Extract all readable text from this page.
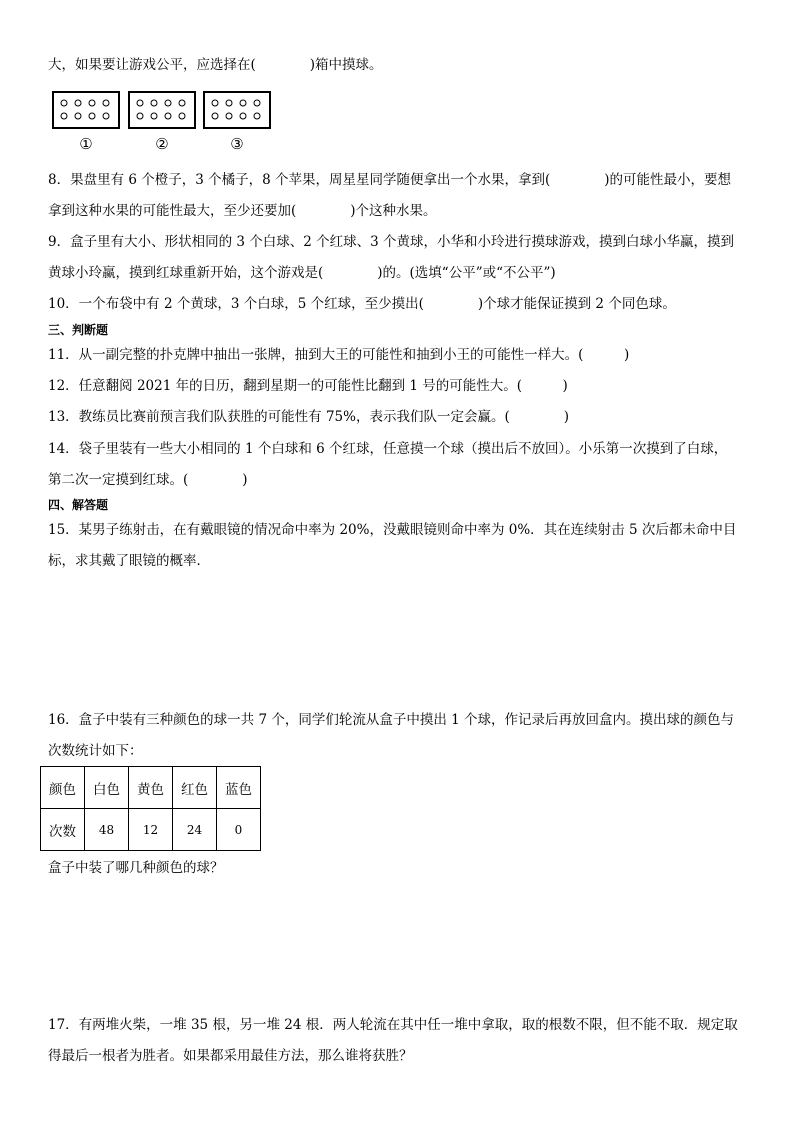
大，如果要让游戏公平，应选择在(　　　　)箱中摸球。
①	②	③
8．果盘里有 6 个橙子，3 个橘子，8 个苹果，周星星同学随便拿出一个水果，拿到(　　　　)的可能性最小，要想
拿到这种水果的可能性最大，至少还要加(　　　　)个这种水果。
9．盒子里有大小、形状相同的 3 个白球、2 个红球、3 个黄球，小华和小玲进行摸球游戏，摸到白球小华赢，摸到
黄球小玲赢，摸到红球重新开始，这个游戏是(　　　　)的。(选填“公平”或“不公平”)
10．一个布袋中有 2 个黄球，3 个白球，5 个红球，至少摸出(　　　　)个球才能保证摸到 2 个同色球。
三、判断题
11．从一副完整的扑克牌中抽出一张牌，抽到大王的可能性和抽到小王的可能性一样大。(　　　)
12．任意翻阅 2021 年的日历，翻到星期一的可能性比翻到 1 号的可能性大。(　　　)
13．教练员比赛前预言我们队获胜的可能性有 75%，表示我们队一定会赢。(　　　　)
14．袋子里装有一些大小相同的 1 个白球和 6 个红球，任意摸一个球（摸出后不放回）。小乐第一次摸到了白球，
第二次一定摸到红球。(　　　　)
四、解答题
15．某男子练射击，在有戴眼镜的情况命中率为 20%，没戴眼镜则命中率为 0%．其在连续射击 5 次后都未命中目
标，求其戴了眼镜的概率．
16．盒子中装有三种颜色的球一共 7 个，同学们轮流从盒子中摸出 1 个球，作记录后再放回盒内。摸出球的颜色与
次数统计如下：
颜色	白色	黄色	红色	蓝色
次数	48	12	24	0
盒子中装了哪几种颜色的球？
17．有两堆火柴，一堆 35 根，另一堆 24 根．两人轮流在其中任一堆中拿取，取的根数不限，但不能不取．规定取
得最后一根者为胜者。如果都采用最佳方法，那么谁将获胜？
